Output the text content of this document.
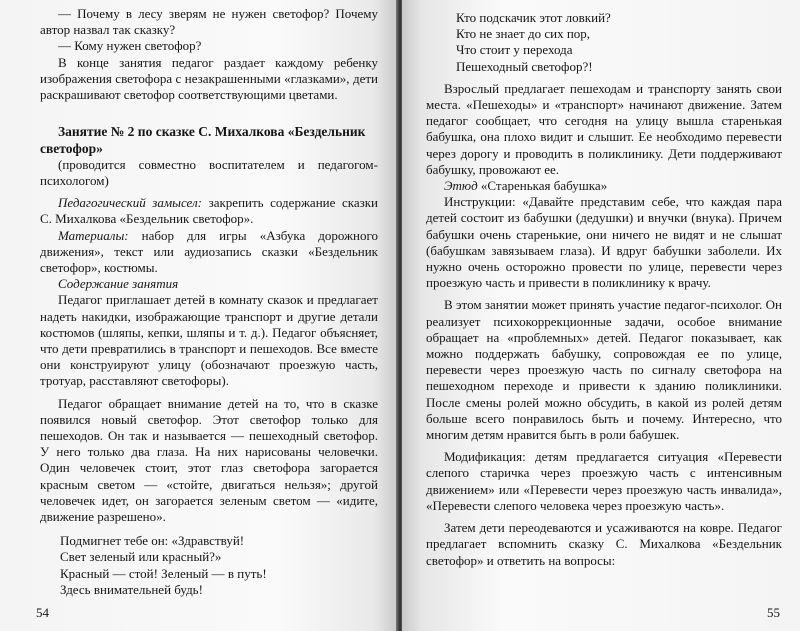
— Почему в лесу зверям не нужен светофор? Почему автор назвал так сказку?

— Кому нужен светофор?

В конце занятия педагог раздает каждому ребенку изображения светофора с незакрашенными «глазками», дети раскрашивают светофор соответствующими цветами.

Занятие № 2 по сказке С. Михалкова «Бездельник светофор»

(проводится совместно воспитателем и педагогом-психологом)

Педагогический замысел: закрепить содержание сказки С. Михалкова «Бездельник светофор».

Материалы: набор для игры «Азбука дорожного движения», текст или аудиозапись сказки «Бездельник светофор», костюмы.

Содержание занятия

Педагог приглашает детей в комнату сказок и предлагает надеть накидки, изображающие транспорт и другие детали костюмов (шляпы, кепки, шляпы и т. д.). Педагог объясняет, что дети превратились в транспорт и пешеходов. Все вместе они конструируют улицу (обозначают проезжую часть, тротуар, расставляют светофоры).

Педагог обращает внимание детей на то, что в сказке появился новый светофор. Этот светофор только для пешеходов. Он так и называется — пешеходный светофор. У него только два глаза. На них нарисованы человечки. Один человечек стоит, этот глаз светофора загорается красным светом — «стойте, двигаться нельзя»; другой человечек идет, он загорается зеленым светом — «идите, движение разрешено».

Подмигнет тебе он: «Здравствуй!

Свет зеленый или красный?»

Красный — стой! Зеленый — в путь!

Здесь внимательней будь!

54

Кто подскачик этот ловкий?

Кто не знает до сих пор,

Что стоит у перехода

Пешеходный светофор?!

Взрослый предлагает пешеходам и транспорту занять свои места. «Пешеходы» и «транспорт» начинают движение. Затем педагог сообщает, что сегодня на улицу вышла старенькая бабушка, она плохо видит и слышит. Ее необходимо перевести через дорогу и проводить в поликлинику. Дети поддерживают бабушку, провожают ее.

Этюд «Старенькая бабушка»

Инструкции: «Давайте представим себе, что каждая пара детей состоит из бабушки (дедушки) и внучки (внука). Причем бабушки очень старенькие, они ничего не видят и не слышат (бабушкам завязываем глаза). И вдруг бабушки заболели. Их нужно очень осторожно провести по улице, перевести через проезжую часть и привести в поликлинику к врачу.

В этом занятии может принять участие педагог-психолог. Он реализует психокоррекционные задачи, особое внимание обращает на «проблемных» детей. Педагог показывает, как можно поддержать бабушку, сопровождая ее по улице, перевести через проезжую часть по сигналу светофора на пешеходном переходе и привести к зданию поликлиники. После смены ролей можно обсудить, в какой из ролей детям больше всего понравилось быть и почему. Интересно, что многим детям нравится быть в роли бабушек.

Модификация: детям предлагается ситуация «Перевести слепого старичка через проезжую часть с интенсивным движением» или «Перевести через проезжую часть инвалида», «Перевести слепого человека через проезжую часть».

Затем дети переодеваются и усаживаются на ковре. Педагог предлагает вспомнить сказку С. Михалкова «Бездельник светофор» и ответить на вопросы:

55
